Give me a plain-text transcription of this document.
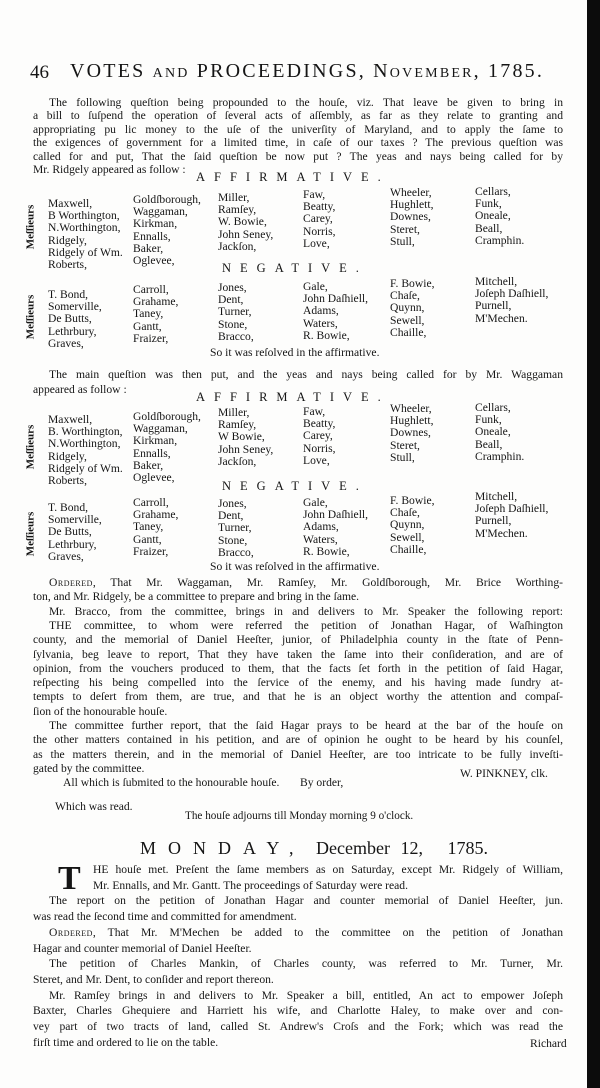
46 VOTES and PROCEEDINGS, November, 1785.
The following queſtion being propounded to the houſe, viz. That leave be given to bring in
a bill to ſuſpend the operation of ſeveral acts of aſſembly, as far as they relate to granting and
appropriating pu lic money to the uſe of the univerſity of Maryland, and to apply the ſame to
the exigences of government for a limited time, in caſe of our taxes ? The previous queſtion was
called for and put, That the ſaid queſtion be now put ? The yeas and nays being called for by
Mr. Ridgely appeared as follow :
The main queſtion was then put, and the yeas and nays being called for by Mr. Waggaman
appeared as follow :
Ordered, That Mr. Waggaman, Mr. Ramſey, Mr. Goldſborough, Mr. Brice Worthing-
ton, and Mr. Ridgely, be a committee to prepare and bring in the ſame.
Mr. Bracco, from the committee, brings in and delivers to Mr. Speaker the following report:
THE committee, to whom were referred the petition of Jonathan Hagar, of Waſhington
county, and the memorial of Daniel Heeſter, junior, of Philadelphia county in the ſtate of Penn-
ſylvania, beg leave to report, That they have taken the ſame into their conſideration, and are of
opinion, from the vouchers produced to them, that the facts ſet forth in the petition of ſaid Hagar,
reſpecting his being compelled into the ſervice of the enemy, and his having made ſundry at-
tempts to deſert from them, are true, and that he is an object worthy the attention and compaſ-
ſion of the honourable houſe.
The committee further report, that the ſaid Hagar prays to be heard at the bar of the houſe on
the other matters contained in his petition, and are of opinion he ought to be heard by his counſel,
as the matters therein, and in the memorial of Daniel Heeſter, are too intricate to be fully inveſti-
gated by the committee.
All which is ſubmited to the honourable houſe.
HE houſe met. Preſent the ſame members as on Saturday, except Mr. Ridgely of William,
Mr. Ennalls, and Mr. Gantt. The proceedings of Saturday were read.
The report on the petition of Jonathan Hagar and counter memorial of Daniel Heeſter, jun.
was read the ſecond time and committed for amendment.
Ordered, That Mr. M'Mechen be added to the committee on the petition of Jonathan
Hagar and counter memorial of Daniel Heeſter.
The petition of Charles Mankin, of Charles county, was referred to Mr. Turner, Mr.
Steret, and Mr. Dent, to conſider and report thereon.
Mr. Ramſey brings in and delivers to Mr. Speaker a bill, entitled, An act to empower Joſeph
Baxter, Charles Ghequiere and Harriett his wife, and Charlotte Haley, to make over and con-
vey part of two tracts of land, called St. Andrew's Croſs and the Fork; which was read the
firſt time and ordered to lie on the table.
AFFIRMATIVE.
NEGATIVE.
So it was reſolved in the affirmative.
Meſſieurs
Meſſieurs
Maxwell,
B Worthington,
N.Worthington,
Ridgely,
Ridgely of Wm.
Roberts,
Goldſborough,
Waggaman,
Kirkman,
Ennalls,
Baker,
Oglevee,
Miller,
Ramſey,
W. Bowie,
John Seney,
Jackſon,
Faw,
Beatty,
Carey,
Norris,
Love,
Wheeler,
Hughlett,
Downes,
Steret,
Stull,
Cellars,
Funk,
Oneale,
Beall,
Cramphin.
T. Bond,
Somerville,
De Butts,
Lethrbury,
Graves,
Carroll,
Grahame,
Taney,
Gantt,
Fraizer,
Jones,
Dent,
Turner,
Stone,
Bracco,
Gale,
John Daſhiell,
Adams,
Waters,
R. Bowie,
F. Bowie,
Chaſe,
Quynn,
Sewell,
Chaille,
Mitchell,
Joſeph Daſhiell,
Purnell,
M'Mechen.
AFFIRMATIVE.
NEGATIVE.
So it was reſolved in the affirmative.
Meſſieurs
Meſſieurs
Maxwell,
B. Worthington,
N.Worthington,
Ridgely,
Ridgely of Wm.
Roberts,
Goldſborough,
Waggaman,
Kirkman,
Ennalls,
Baker,
Oglevee,
Miller,
Ramſey,
W Bowie,
John Seney,
Jackſon,
Faw,
Beatty,
Carey,
Norris,
Love,
Wheeler,
Hughlett,
Downes,
Steret,
Stull,
Cellars,
Funk,
Oneale,
Beall,
Cramphin.
T. Bond,
Somerville,
De Butts,
Lethrbury,
Graves,
Carroll,
Grahame,
Taney,
Gantt,
Fraizer,
Jones,
Dent,
Turner,
Stone,
Bracco,
Gale,
John Daſhiell,
Adams,
Waters,
R. Bowie,
F. Bowie,
Chaſe,
Quynn,
Sewell,
Chaille,
Mitchell,
Joſeph Daſhiell,
Purnell,
M'Mechen.
By order,
W. PINKNEY, clk.
Which was read.
The houſe adjourns till Monday morning 9 o'clock.
MONDAY, December 12, 1785.
T
Richard
